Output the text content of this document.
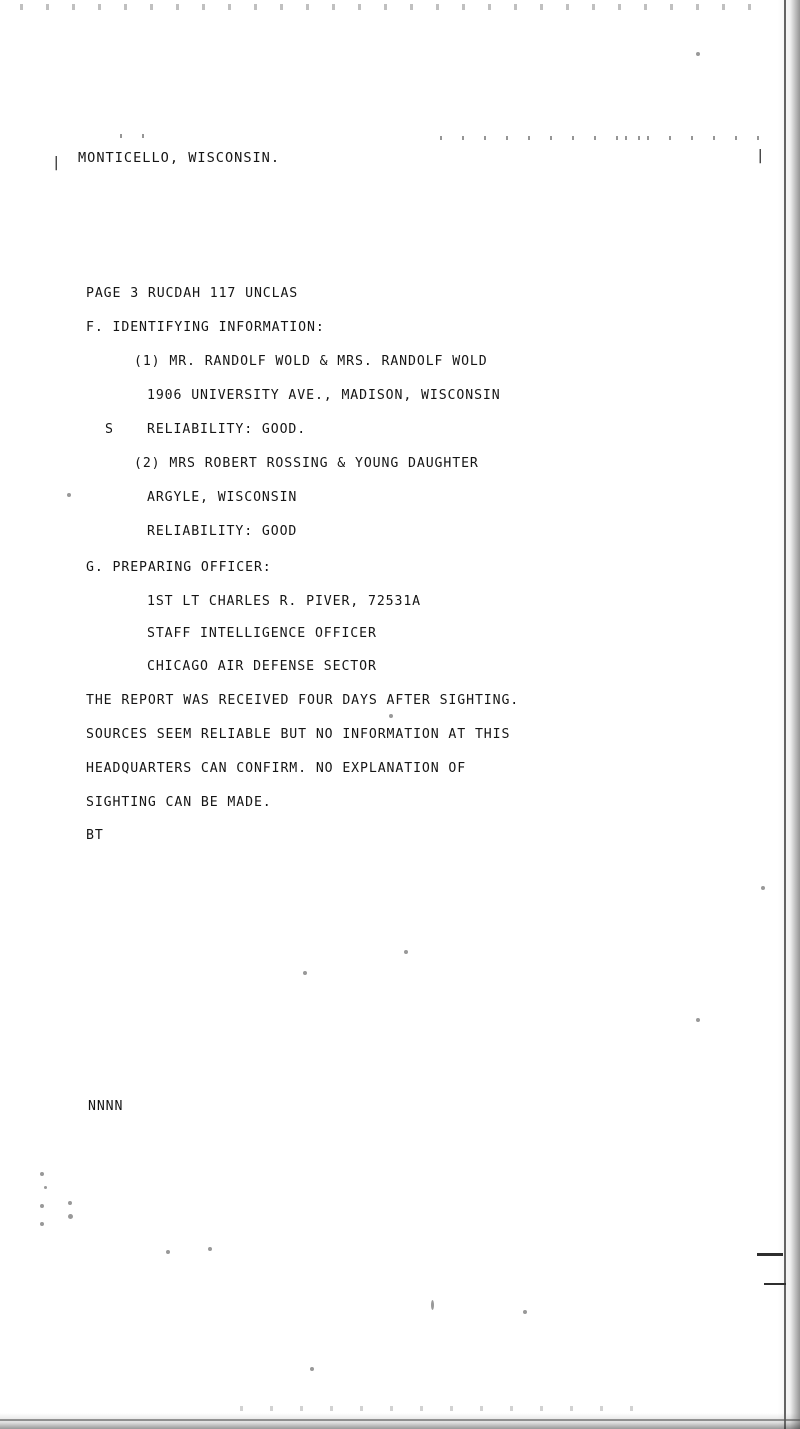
|	|
MONTICELLO, WISCONSIN.
PAGE 3 RUCDAH 117 UNCLAS
F. IDENTIFYING INFORMATION:
(1) MR. RANDOLF WOLD & MRS. RANDOLF WOLD
1906 UNIVERSITY AVE., MADISON, WISCONSIN
S	RELIABILITY: GOOD.
(2) MRS ROBERT ROSSING & YOUNG DAUGHTER
ARGYLE, WISCONSIN
RELIABILITY: GOOD
G. PREPARING OFFICER:
1ST LT CHARLES R. PIVER, 72531A
STAFF INTELLIGENCE OFFICER
CHICAGO AIR DEFENSE SECTOR
THE REPORT WAS RECEIVED FOUR DAYS AFTER SIGHTING.
SOURCES SEEM RELIABLE BUT NO INFORMATION AT THIS
HEADQUARTERS CAN CONFIRM. NO EXPLANATION OF
SIGHTING CAN BE MADE.
BT
NNNN
